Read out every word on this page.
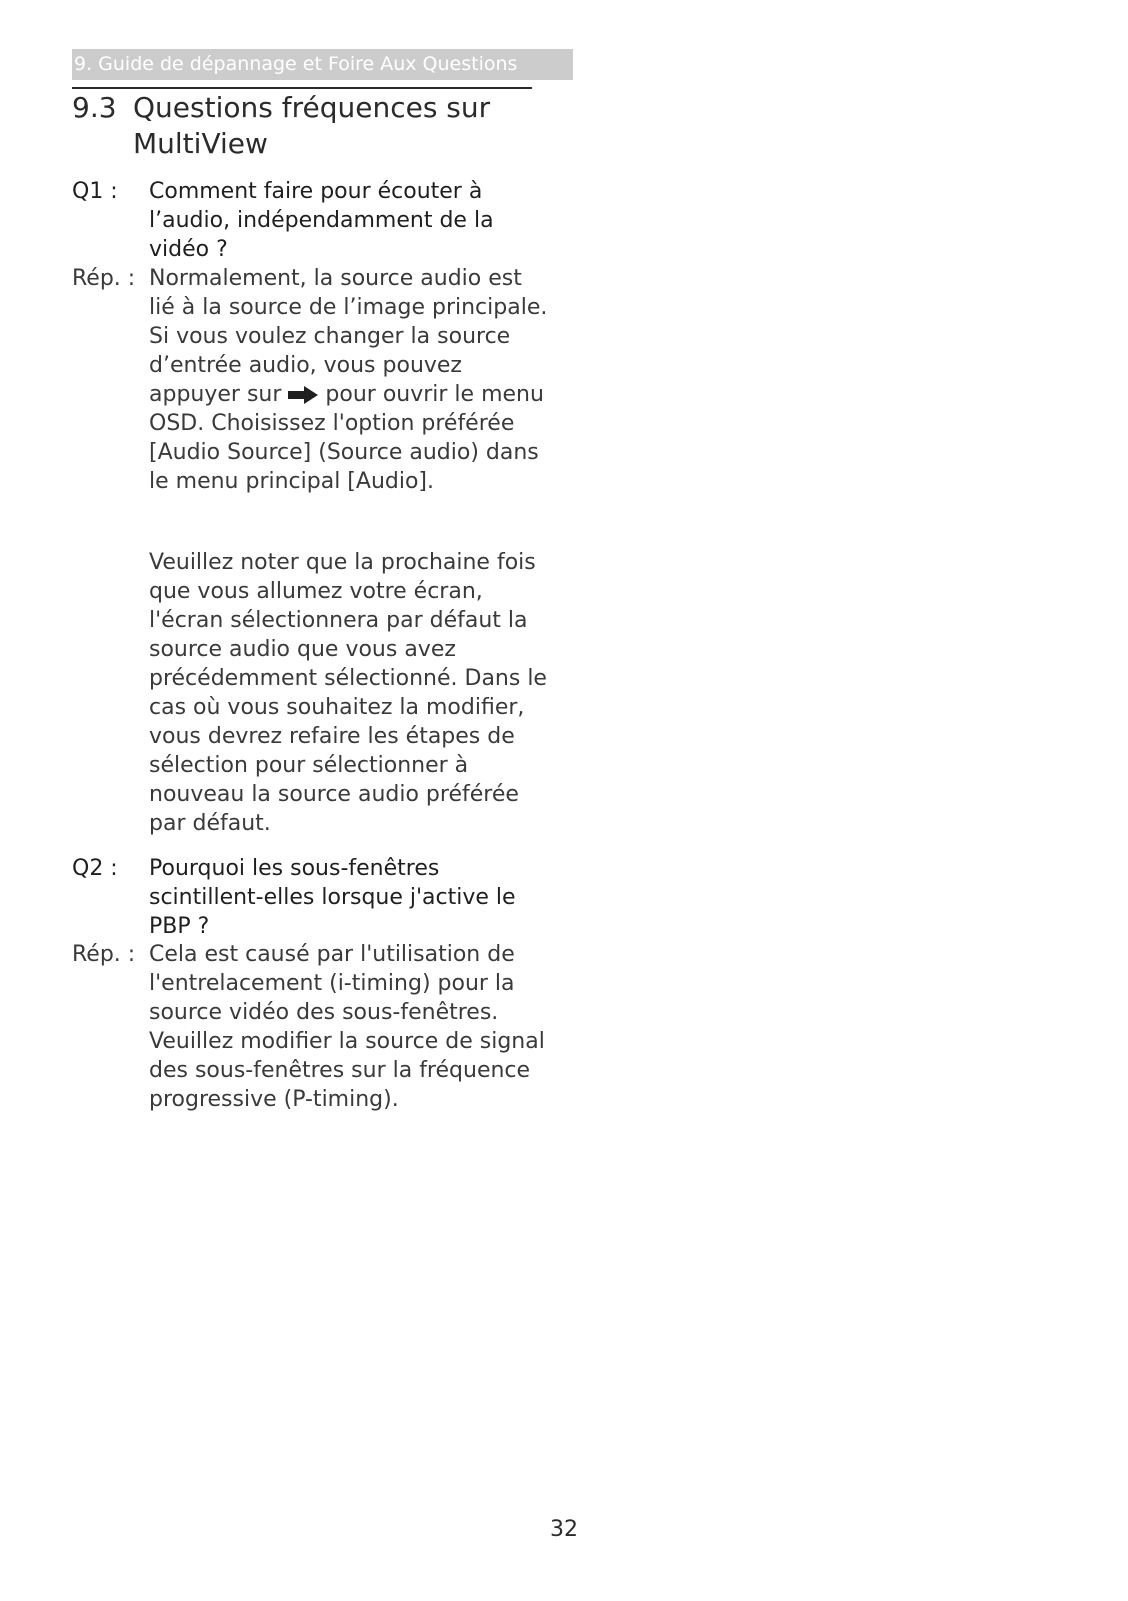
9. Guide de dépannage et Foire Aux Questions
9.3 Questions fréquences sur MultiView
Q1 : Comment faire pour écouter à l’audio, indépendamment de la vidéo ?
Rép. : Normalement, la source audio est lié à la source de l’image principale. Si vous voulez changer la source d’entrée audio, vous pouvez appuyer sur pour ouvrir le menu OSD. Choisissez l'option préférée [Audio Source] (Source audio) dans le menu principal [Audio].
Veuillez noter que la prochaine fois que vous allumez votre écran, l'écran sélectionnera par défaut la source audio que vous avez précédemment sélectionné. Dans le cas où vous souhaitez la modifier, vous devrez refaire les étapes de sélection pour sélectionner à nouveau la source audio préférée par défaut.
Q2 : Pourquoi les sous-fenêtres scintillent-elles lorsque j'active le PBP ?
Rép. : Cela est causé par l'utilisation de l'entrelacement (i-timing) pour la source vidéo des sous-fenêtres. Veuillez modifier la source de signal des sous-fenêtres sur la fréquence progressive (P-timing).
32
